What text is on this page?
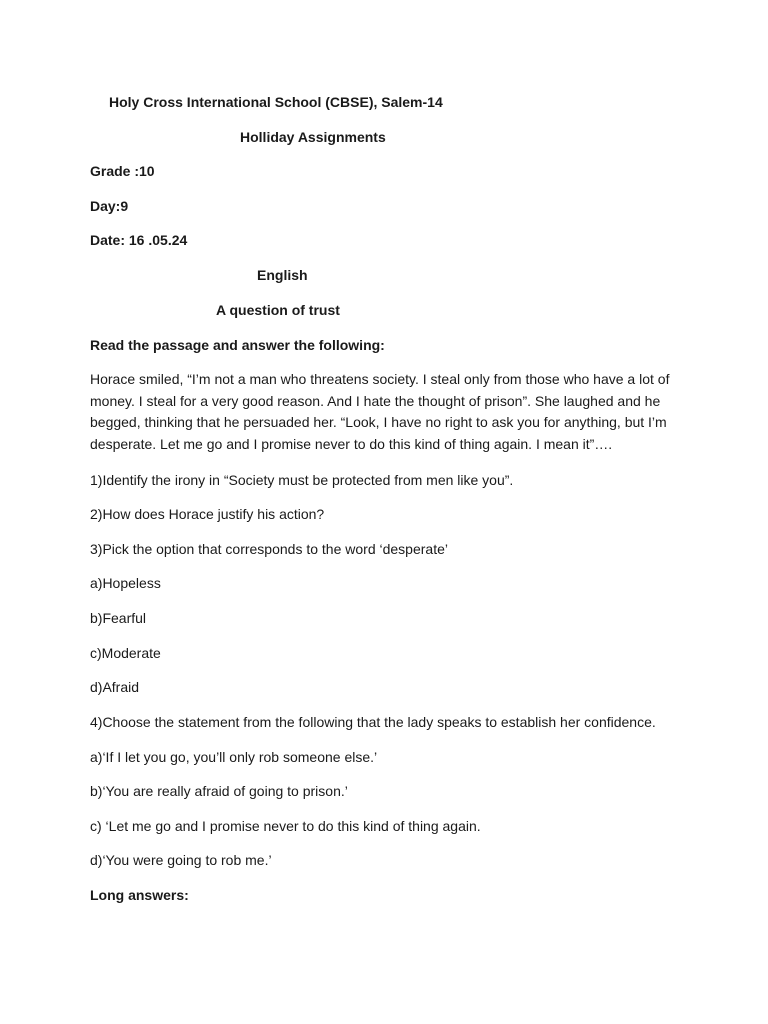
Holy Cross International School (CBSE), Salem-14
Holliday Assignments
Grade :10
Day:9
Date: 16 .05.24
English
A question of trust
Read the passage and answer the following:
Horace smiled, “I’m not a man who threatens society. I steal only from those who have a lot of money. I steal for a very good reason. And I hate the thought of prison”. She laughed and he begged, thinking that he persuaded her. “Look, I have no right to ask you for anything, but I’m desperate. Let me go and I promise never to do this kind of thing again. I mean it”….
1)Identify the irony in “Society must be protected from men like you”.
2)How does Horace justify his action?
3)Pick the option that corresponds to the word ‘desperate’
a)Hopeless
b)Fearful
c)Moderate
d)Afraid
4)Choose the statement from the following that the lady speaks to establish her confidence.
a)‘If I let you go, you’ll only rob someone else.’
b)‘You are really afraid of going to prison.’
c) ‘Let me go and I promise never to do this kind of thing again.
d)‘You were going to rob me.’
Long answers:
